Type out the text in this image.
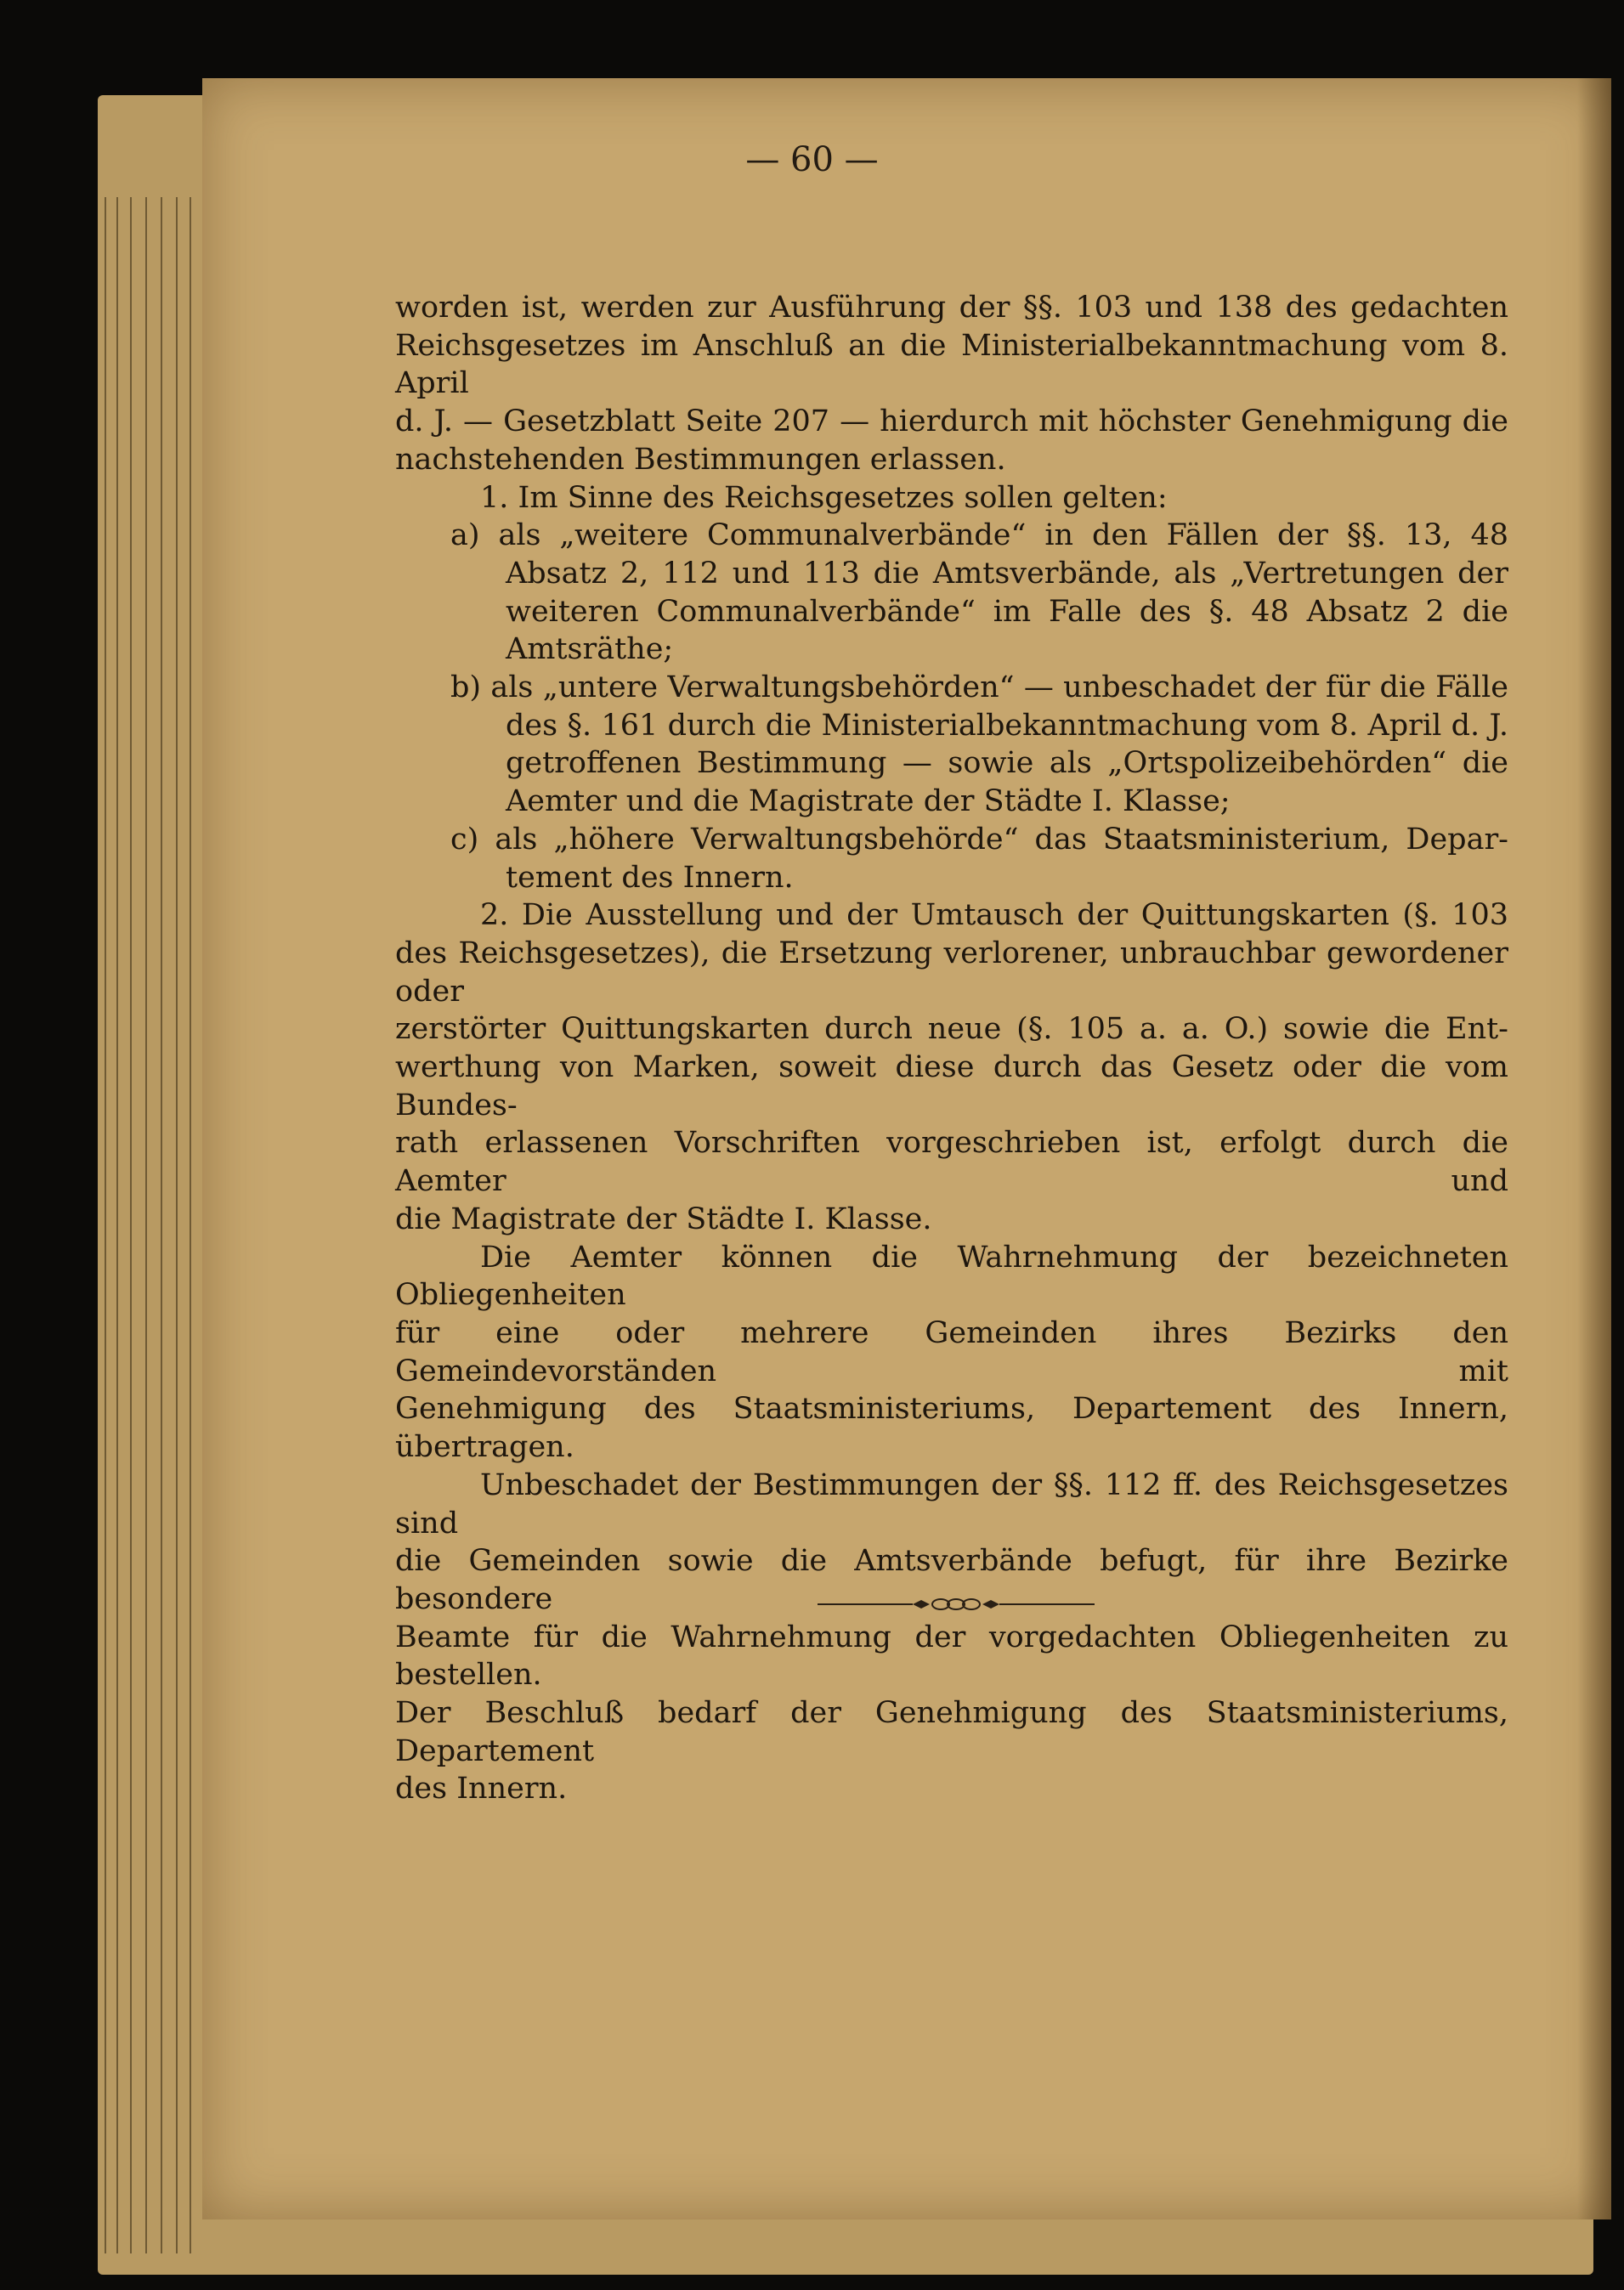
— 60 —

worden ist, werden zur Ausführung der §§. 103 und 138 des gedachten

Reichsgesetzes im Anschluß an die Ministerialbekanntmachung vom 8. April

d. J. — Gesetzblatt Seite 207 — hierdurch mit höchster Genehmigung die

nachstehenden Bestimmungen erlassen.

1. Im Sinne des Reichsgesetzes sollen gelten:

a) als „weitere Communalverbände“ in den Fällen der §§. 13, 48

Absatz 2, 112 und 113 die Amtsverbände, als „Vertretungen der

weiteren Communalverbände“ im Falle des §. 48 Absatz 2 die

Amtsräthe;

b) als „untere Verwaltungsbehörden“ — unbeschadet der für die Fälle

des §. 161 durch die Ministerialbekanntmachung vom 8. April d. J.

getroffenen Bestimmung — sowie als „Ortspolizeibehörden“ die

Aemter und die Magistrate der Städte I. Klasse;

c) als „höhere Verwaltungsbehörde“ das Staatsministerium, Depar-

tement des Innern.

2. Die Ausstellung und der Umtausch der Quittungskarten (§. 103

des Reichsgesetzes), die Ersetzung verlorener, unbrauchbar gewordener oder

zerstörter Quittungskarten durch neue (§. 105 a. a. O.) sowie die Ent-

werthung von Marken, soweit diese durch das Gesetz oder die vom Bundes-

rath erlassenen Vorschriften vorgeschrieben ist, erfolgt durch die Aemter und

die Magistrate der Städte I. Klasse.

Die Aemter können die Wahrnehmung der bezeichneten Obliegenheiten

für eine oder mehrere Gemeinden ihres Bezirks den Gemeindevorständen mit

Genehmigung des Staatsministeriums, Departement des Innern, übertragen.

Unbeschadet der Bestimmungen der §§. 112 ff. des Reichsgesetzes sind

die Gemeinden sowie die Amtsverbände befugt, für ihre Bezirke besondere

Beamte für die Wahrnehmung der vorgedachten Obliegenheiten zu bestellen.

Der Beschluß bedarf der Genehmigung des Staatsministeriums, Departement

des Innern.
